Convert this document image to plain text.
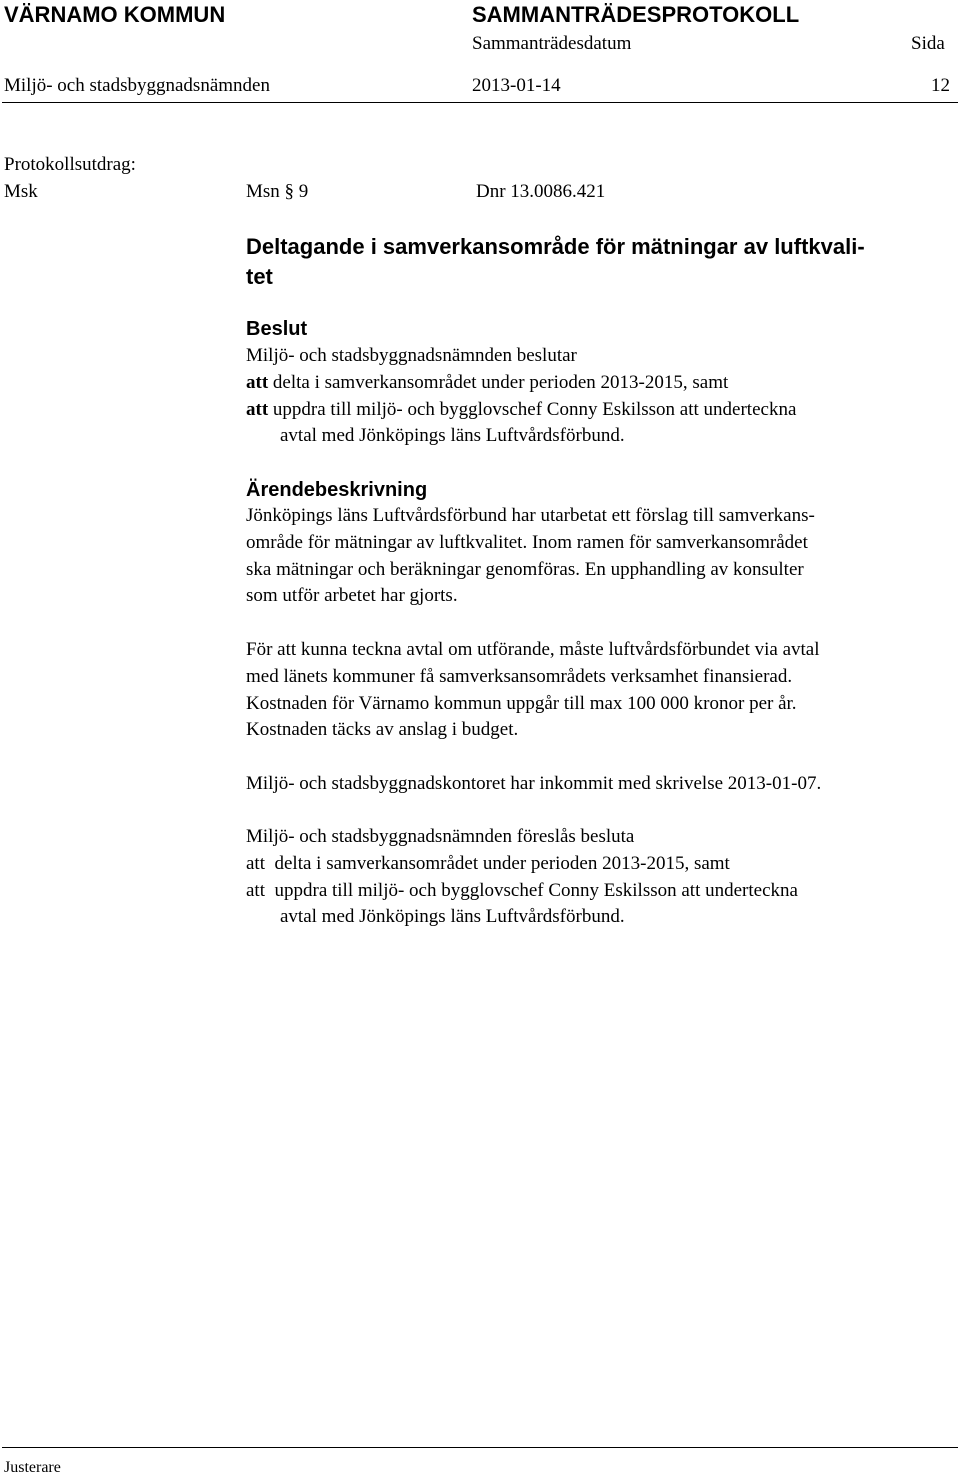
VÄRNAMO KOMMUN	SAMMANTRÄDESPROTOKOLL
Sammanträdesdatum	Sida
Miljö- och stadsbyggnadsnämnden	2013-01-14	12
Protokollsutdrag:
Msk	Msn § 9	Dnr 13.0086.421
Deltagande i samverkansområde för mätningar av luftkvali-
tet
Beslut
Miljö- och stadsbyggnadsnämnden beslutar
att delta i samverkansområdet under perioden 2013-2015, samt
att uppdra till miljö- och bygglovschef Conny Eskilsson att underteckna
avtal med Jönköpings läns Luftvårdsförbund.
Ärendebeskrivning
Jönköpings läns Luftvårdsförbund har utarbetat ett förslag till samverkans-
område för mätningar av luftkvalitet. Inom ramen för samverkansområdet
ska mätningar och beräkningar genomföras. En upphandling av konsulter
som utför arbetet har gjorts.
För att kunna teckna avtal om utförande, måste luftvårdsförbundet via avtal
med länets kommuner få samverksansområdets verksamhet finansierad.
Kostnaden för Värnamo kommun uppgår till max 100 000 kronor per år.
Kostnaden täcks av anslag i budget.
Miljö- och stadsbyggnadskontoret har inkommit med skrivelse 2013-01-07.
Miljö- och stadsbyggnadsnämnden föreslås besluta
att  delta i samverkansområdet under perioden 2013-2015, samt
att  uppdra till miljö- och bygglovschef Conny Eskilsson att underteckna
avtal med Jönköpings läns Luftvårdsförbund.
Justerare
